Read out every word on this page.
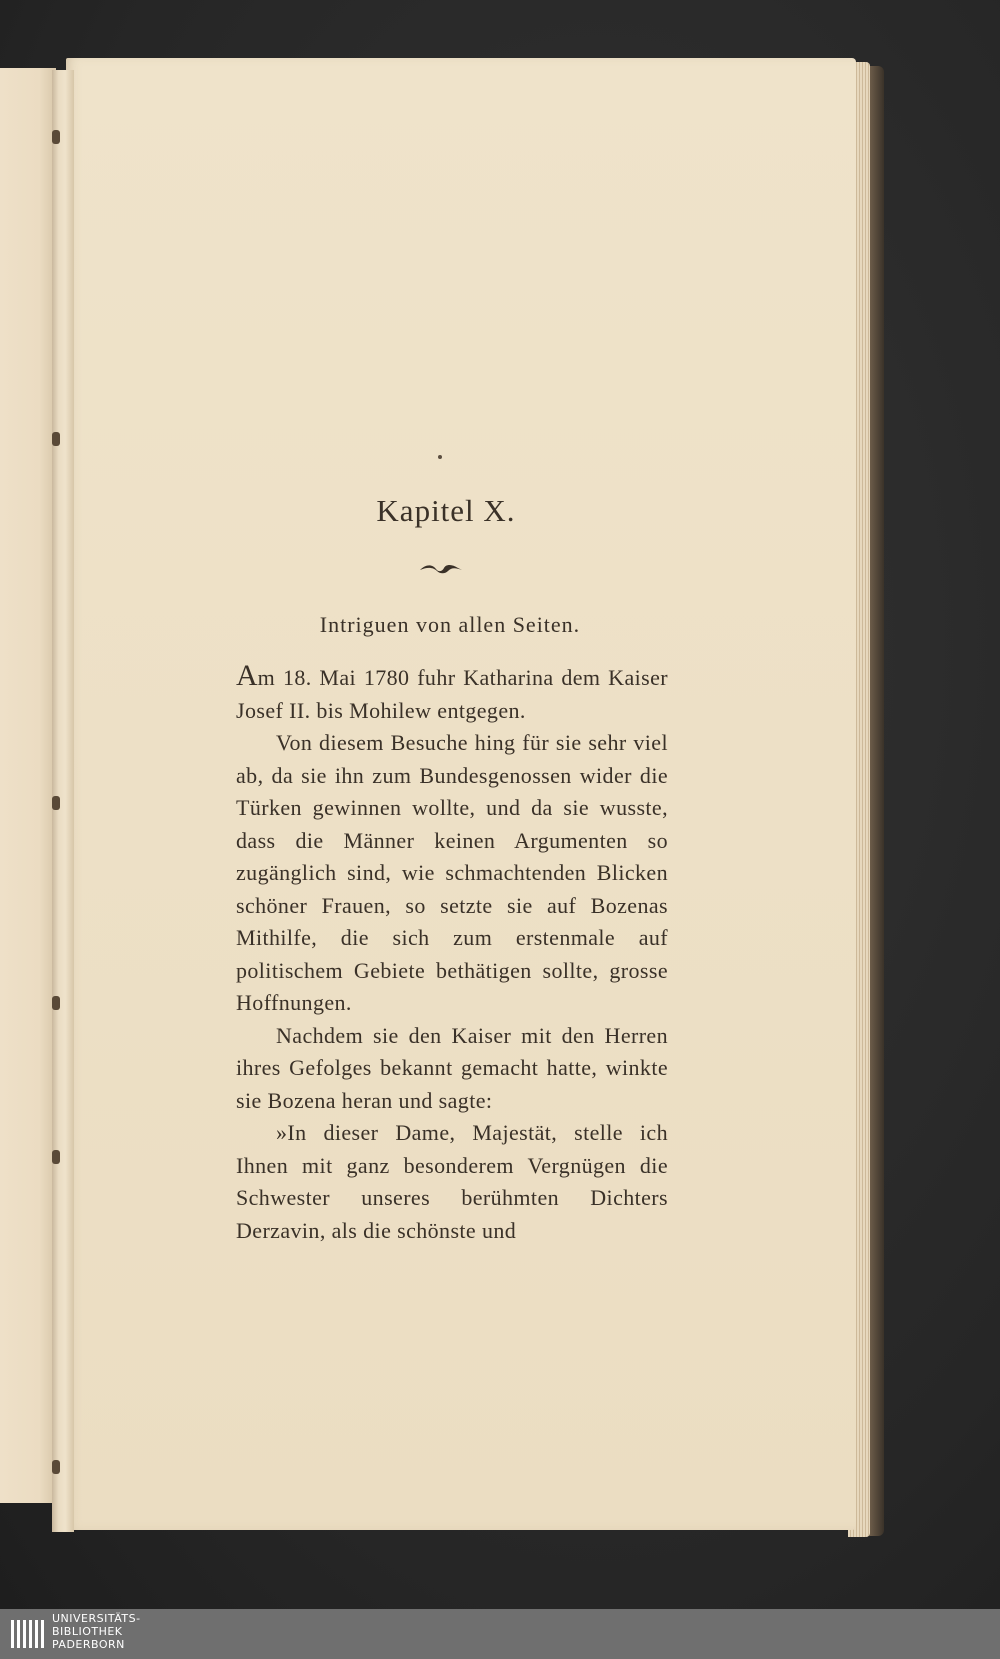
Kapitel X.
Intriguen von allen Seiten.

Am 18. Mai 1780 fuhr Katharina dem Kaiser Josef II. bis Mohilew entgegen.

Von diesem Besuche hing für sie sehr viel ab, da sie ihn zum Bundesgenossen wider die Türken gewinnen wollte, und da sie wusste, dass die Männer keinen Argumenten so zugänglich sind, wie schmachtenden Blicken schöner Frauen, so setzte sie auf Bozenas Mithilfe, die sich zum erstenmale auf politischem Gebiete bethätigen sollte, grosse Hoffnungen.

Nachdem sie den Kaiser mit den Herren ihres Gefolges bekannt gemacht hatte, winkte sie Bozena heran und sagte:

»In dieser Dame, Majestät, stelle ich Ihnen mit ganz besonderem Vergnügen die Schwester unseres berühmten Dichters Derzavin, als die schönste und

UNIVERSITÄTS-
BIBLIOTHEK
PADERBORN
